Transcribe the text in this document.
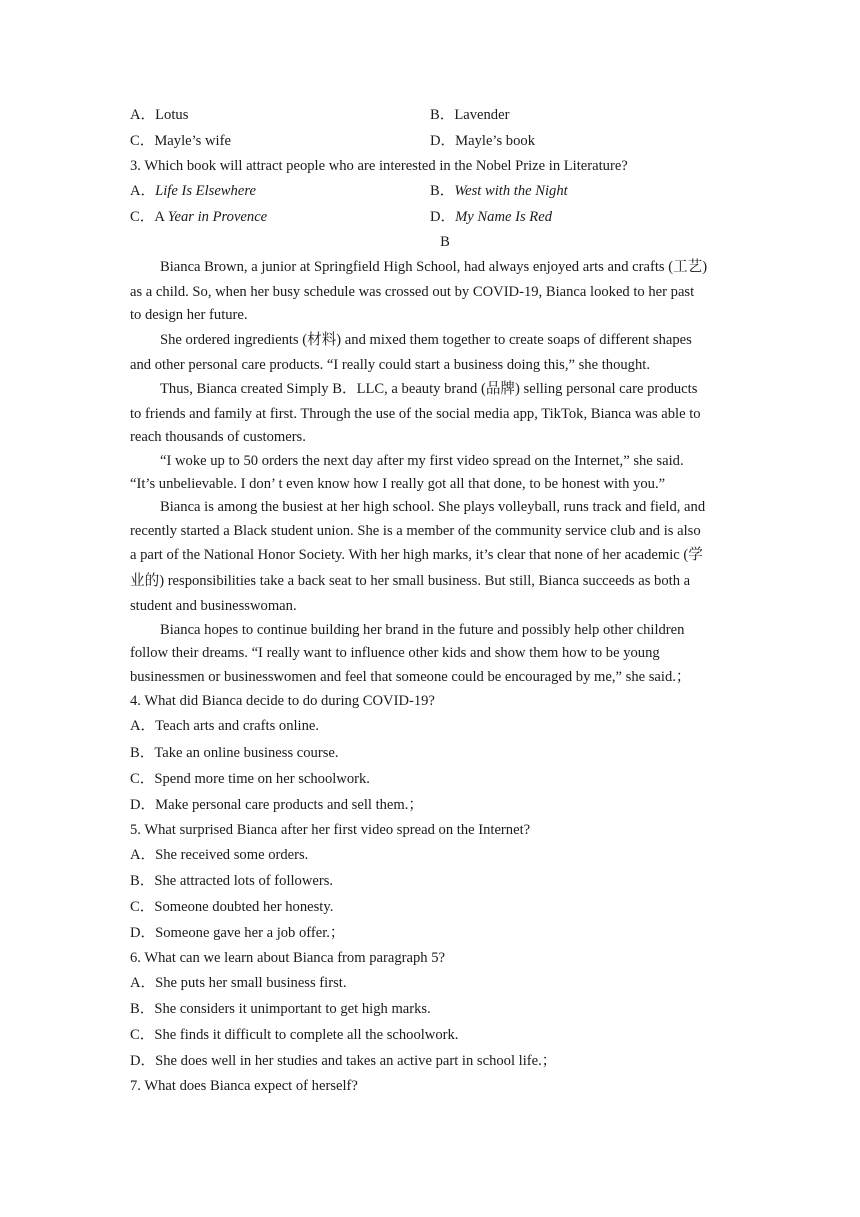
A．Lotus	B．Lavender
C．Mayle’s wife	D．Mayle’s book
3. Which book will attract people who are interested in the Nobel Prize in Literature?
A．Life Is Elsewhere	B．West with the Night
C．A Year in Provence	D．My Name Is Red
B
Bianca Brown, a junior at Springfield High School, had always enjoyed arts and crafts (工艺)
as a child. So, when her busy schedule was crossed out by COVID-19, Bianca looked to her past
to design her future.
She ordered ingredients (材料) and mixed them together to create soaps of different shapes
and other personal care products. “I really could start a business doing this,” she thought.
Thus, Bianca created Simply B．LLC, a beauty brand (品牌) selling personal care products
to friends and family at first. Through the use of the social media app, TikTok, Bianca was able to
reach thousands of customers.
“I woke up to 50 orders the next day after my first video spread on the Internet,” she said.
“It’s unbelievable. I don’ t even know how I really got all that done, to be honest with you.”
Bianca is among the busiest at her high school. She plays volleyball, runs track and field, and
recently started a Black student union. She is a member of the community service club and is also
a part of the National Honor Society. With her high marks, it’s clear that none of her academic (学
业的) responsibilities take a back seat to her small business. But still, Bianca succeeds as both a
student and businesswoman.
Bianca hopes to continue building her brand in the future and possibly help other children
follow their dreams. “I really want to influence other kids and show them how to be young
businessmen or businesswomen and feel that someone could be encouraged by me,” she said.；
4. What did Bianca decide to do during COVID-19?
A．Teach arts and crafts online.
B．Take an online business course.
C．Spend more time on her schoolwork.
D．Make personal care products and sell them.；
5. What surprised Bianca after her first video spread on the Internet?
A．She received some orders.
B．She attracted lots of followers.
C．Someone doubted her honesty.
D．Someone gave her a job offer.；
6. What can we learn about Bianca from paragraph 5?
A．She puts her small business first.
B．She considers it unimportant to get high marks.
C．She finds it difficult to complete all the schoolwork.
D．She does well in her studies and takes an active part in school life.；
7. What does Bianca expect of herself?
